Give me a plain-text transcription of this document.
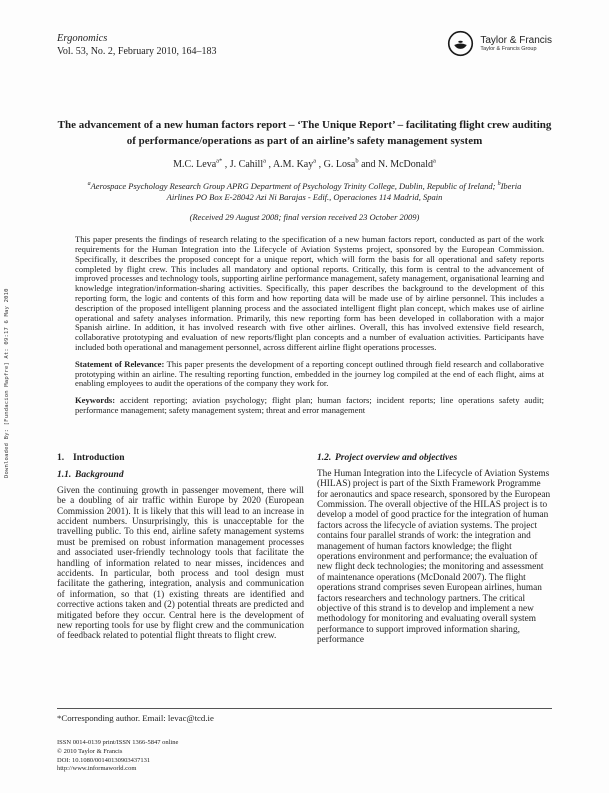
Downloaded By: [Fundacion Mapfre] At: 09:17 6 May 2010
Ergonomics
Vol. 53, No. 2, February 2010, 164–183
Taylor & Francis
Taylor & Francis Group
The advancement of a new human factors report – ‘The Unique Report’ – facilitating flight crew auditing of performance/operations as part of an airline’s safety management system
M.C. Leva$^{a*}$ , J. Cahill$^a$ , A.M. Kay$^a$ , G. Losa$^b$ and N. McDonald$^a$
$^a$Aerospace Psychology Research Group APRG Department of Psychology Trinity College, Dublin, Republic of Ireland; $^b$Iberia Airlines PO Box E-28042 Azi Ni Barajas - Edif., Operaciones 114 Madrid, Spain
(Received 29 August 2008; final version received 23 October 2009)

This paper presents the findings of research relating to the specification of a new human factors report, conducted as part of the work requirements for the Human Integration into the Lifecycle of Aviation Systems project, sponsored by the European Commission. Specifically, it describes the proposed concept for a unique report, which will form the basis for all operational and safety reports completed by flight crew. This includes all mandatory and optional reports. Critically, this form is central to the advancement of improved processes and technology tools, supporting airline performance management, safety management, organisational learning and knowledge integration/information-sharing activities. Specifically, this paper describes the background to the development of this reporting form, the logic and contents of this form and how reporting data will be made use of by airline personnel. This includes a description of the proposed intelligent planning process and the associated intelligent flight plan concept, which makes use of airline operational and safety analyses information. Primarily, this new reporting form has been developed in collaboration with a major Spanish airline. In addition, it has involved research with five other airlines. Overall, this has involved extensive field research, collaborative prototyping and evaluation of new reports/flight plan concepts and a number of evaluation activities. Participants have included both operational and management personnel, across different airline flight operations processes.

Statement of Relevance: This paper presents the development of a reporting concept outlined through field research and collaborative prototyping within an airline. The resulting reporting function, embedded in the journey log compiled at the end of each flight, aims at enabling employees to audit the operations of the company they work for.

Keywords: accident reporting; aviation psychology; flight plan; human factors; incident reports; line operations safety audit; performance management; safety management system; threat and error management

1. Introduction
1.1. Background

Given the continuing growth in passenger movement, there will be a doubling of air traffic within Europe by 2020 (European Commission 2001). It is likely that this will lead to an increase in accident numbers. Unsurprisingly, this is unacceptable for the travelling public. To this end, airline safety management systems must be premised on robust information management processes and associated user-friendly technology tools that facilitate the handling of information related to near misses, incidences and accidents. In particular, both process and tool design must facilitate the gathering, integration, analysis and communication of information, so that (1) existing threats are identified and corrective actions taken and (2) potential threats are predicted and mitigated before they occur. Central here is the development of new reporting tools for use by flight crew and the communication of feedback related to potential flight threats to flight crew.

1.2. Project overview and objectives

The Human Integration into the Lifecycle of Aviation Systems (HILAS) project is part of the Sixth Framework Programme for aeronautics and space research, sponsored by the European Commission. The overall objective of the HILAS project is to develop a model of good practice for the integration of human factors across the lifecycle of aviation systems. The project contains four parallel strands of work: the integration and management of human factors knowledge; the flight operations environment and performance; the evaluation of new flight deck technologies; the monitoring and assessment of maintenance operations (McDonald 2007). The flight operations strand comprises seven European airlines, human factors researchers and technology partners. The critical objective of this strand is to develop and implement a new methodology for monitoring and evaluating overall system performance to support improved information sharing, performance

*Corresponding author. Email: levac@tcd.ie

ISSN 0014-0139 print/ISSN 1366-5847 online
© 2010 Taylor & Francis
DOI: 10.1080/00140130903437131
http://www.informaworld.com
